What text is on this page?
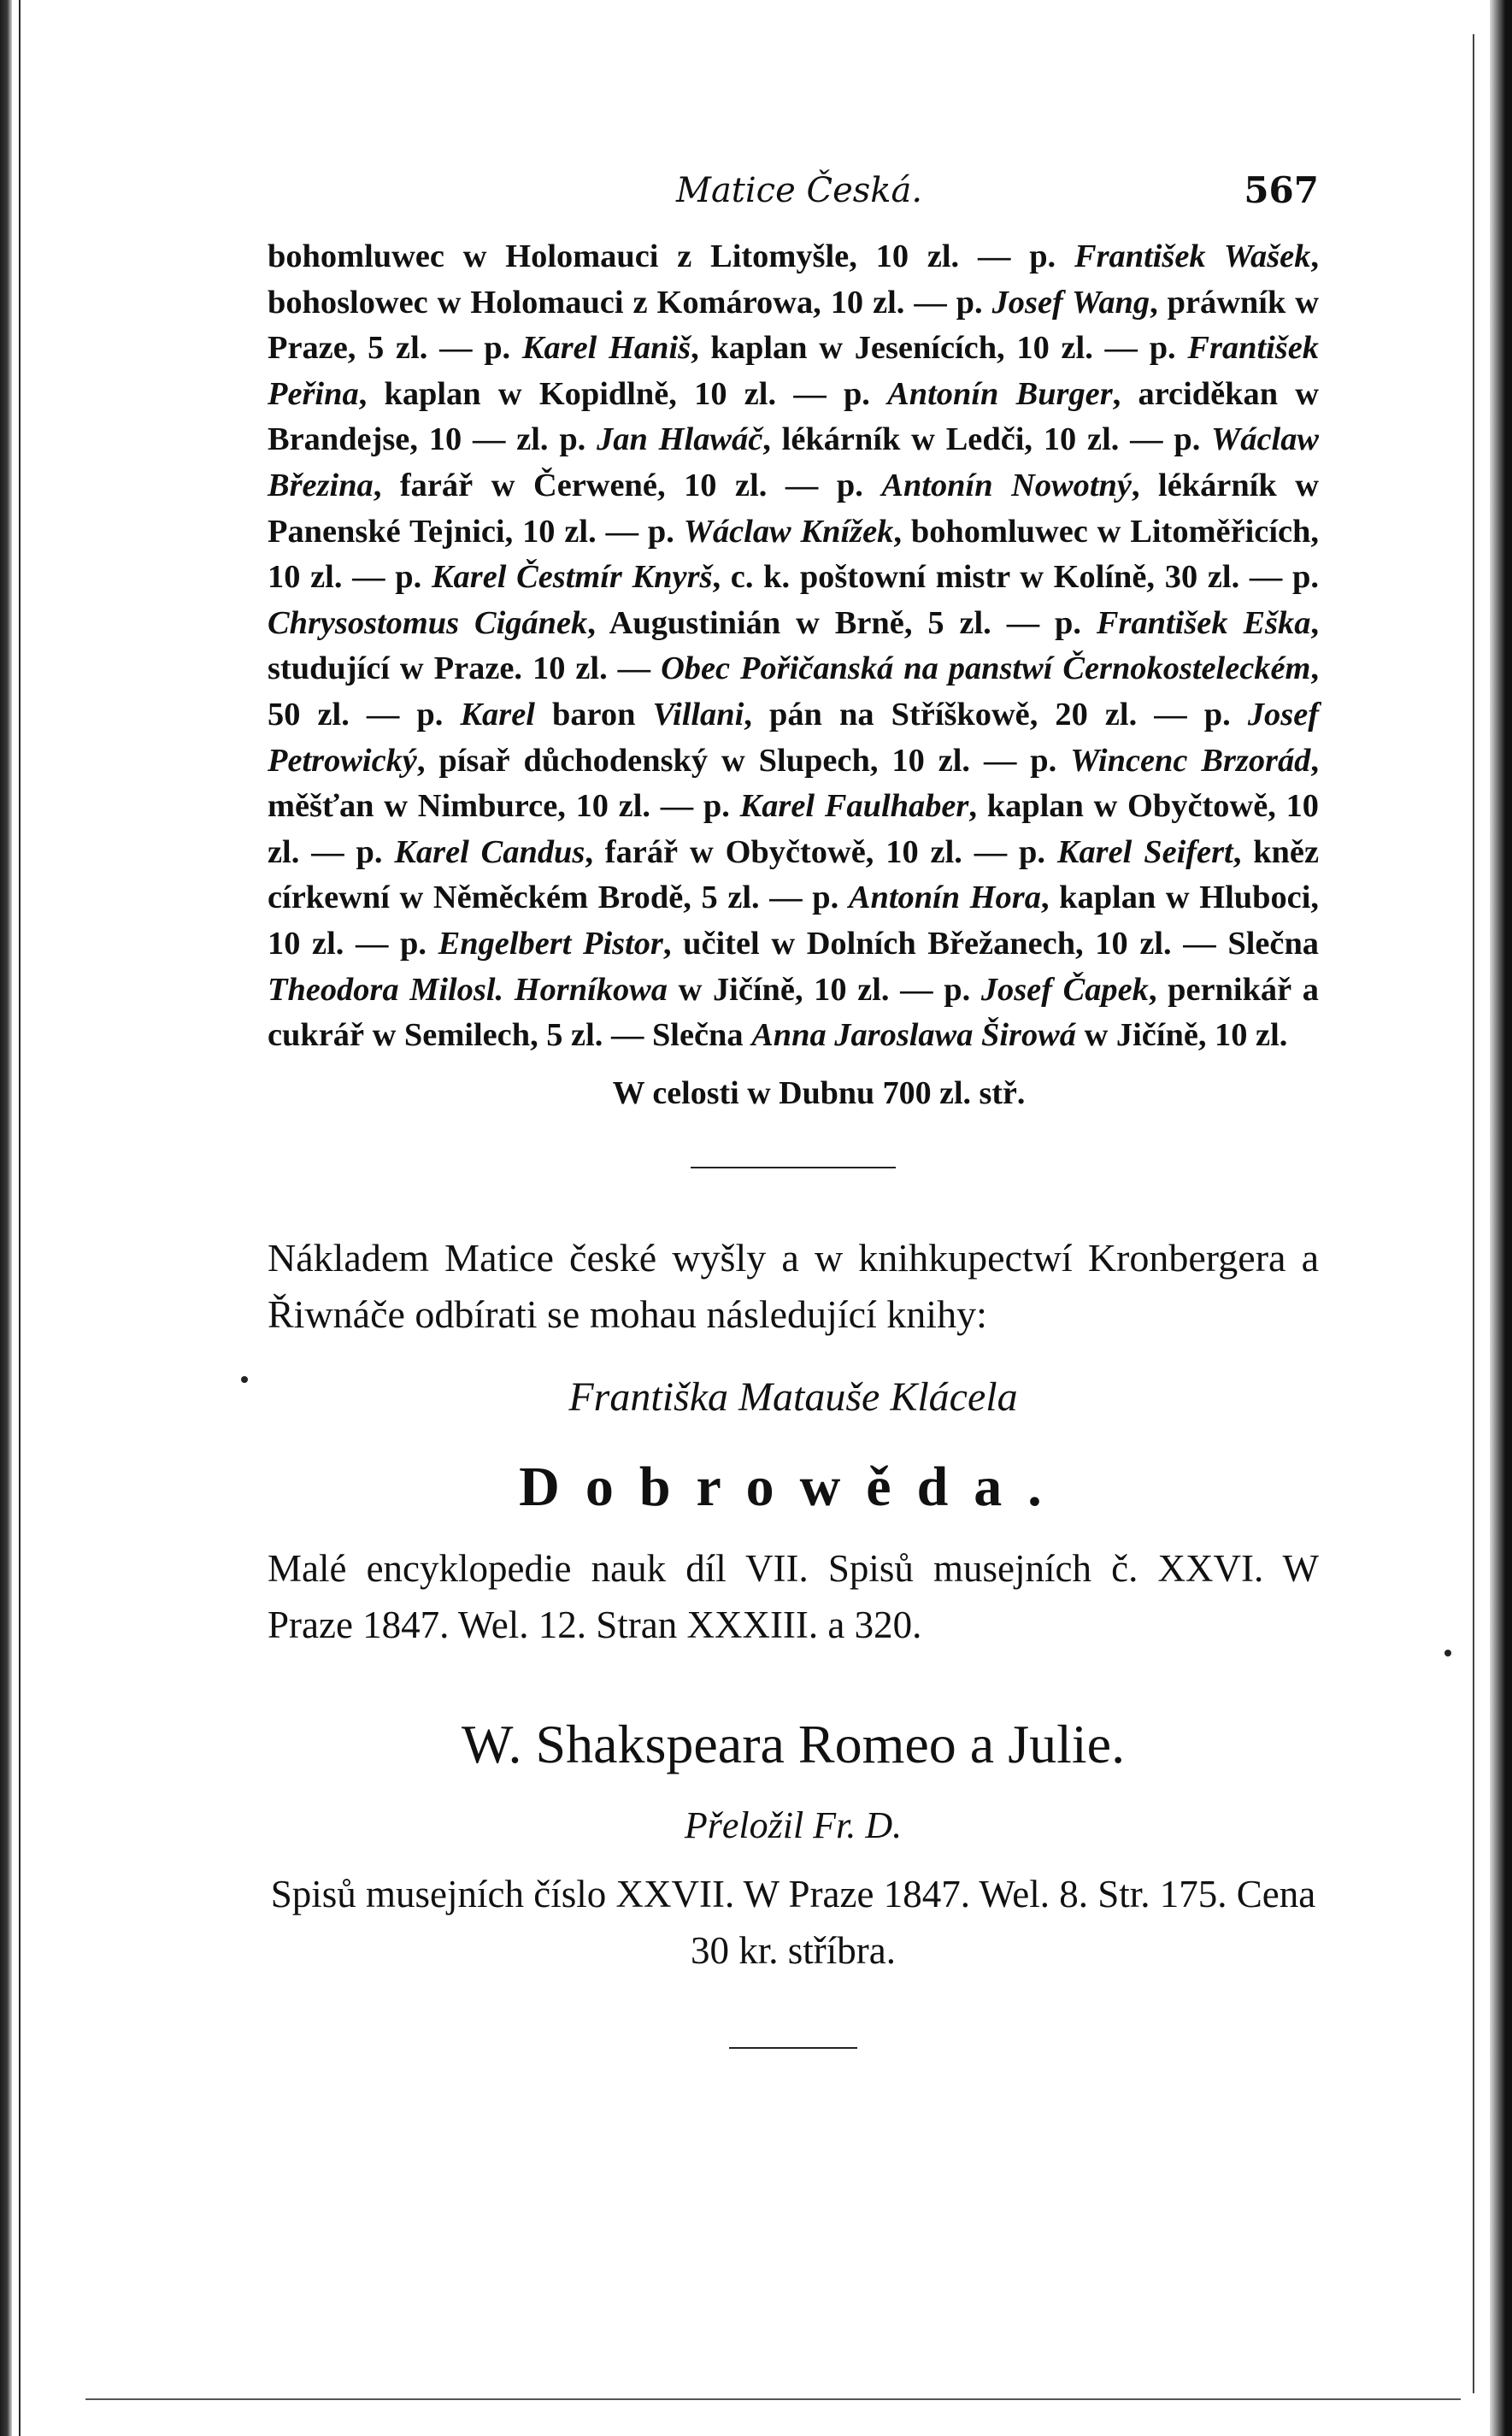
Matice Česká.	567
bohomluwec w Holomauci z Litomyšle, 10 zl. — p. František Wašek, bohoslowec w Holomauci z Komárowa, 10 zl. — p. Josef Wang, práwník w Praze, 5 zl. — p. Karel Haniš, kaplan w Jesenících, 10 zl. — p. František Peřina, kaplan w Kopidlně, 10 zl. — p. Antonín Burger, arciděkan w Brandejse, 10 — zl. p. Jan Hlawáč, lékárník w Ledči, 10 zl. — p. Wáclaw Březina, farář w Čerwené, 10 zl. — p. Antonín Nowotný, lékárník w Panenské Tejnici, 10 zl. — p. Wáclaw Knížek, bohomluwec w Litoměřicích, 10 zl. — p. Karel Čestmír Knyrš, c. k. poštowní mistr w Kolíně, 30 zl. — p. Chrysostomus Cigánek, Augustinián w Brně, 5 zl. — p. František Eška, studující w Praze. 10 zl. — Obec Pořičanská na panstwí Černokosteleckém, 50 zl. — p. Karel baron Villani, pán na Stříškowě, 20 zl. — p. Josef Petrowický, písař důchodenský w Slupech, 10 zl. — p. Wincenc Brzorád, měšťan w Nimburce, 10 zl. — p. Karel Faulhaber, kaplan w Obyčtowě, 10 zl. — p. Karel Candus, farář w Obyčtowě, 10 zl. — p. Karel Seifert, kněz církewní w Něměckém Brodě, 5 zl. — p. Antonín Hora, kaplan w Hluboci, 10 zl. — p. Engelbert Pistor, učitel w Dolních Břežanech, 10 zl. — Slečna Theodora Milosl. Horníkowa w Jičíně, 10 zl. — p. Josef Čapek, pernikář a cukrář w Semilech, 5 zl. — Slečna Anna Jaroslawa Širowá w Jičíně, 10 zl.
W celosti w Dubnu 700 zl. stř.
Nákladem Matice české wyšly a w knihkupectwí Kronbergera a Řiwnáče odbírati se mohau následující knihy:
Františka Matauše Klácela
Dobrowěda.
Malé encyklopedie nauk díl VII. Spisů musejních č. XXVI. W Praze 1847. Wel. 12. Stran XXXIII. a 320.
W. Shakspeara Romeo a Julie.
Přeložil Fr. D.
Spisů musejních číslo XXVII. W Praze 1847. Wel. 8. Str. 175. Cena 30 kr. stříbra.
